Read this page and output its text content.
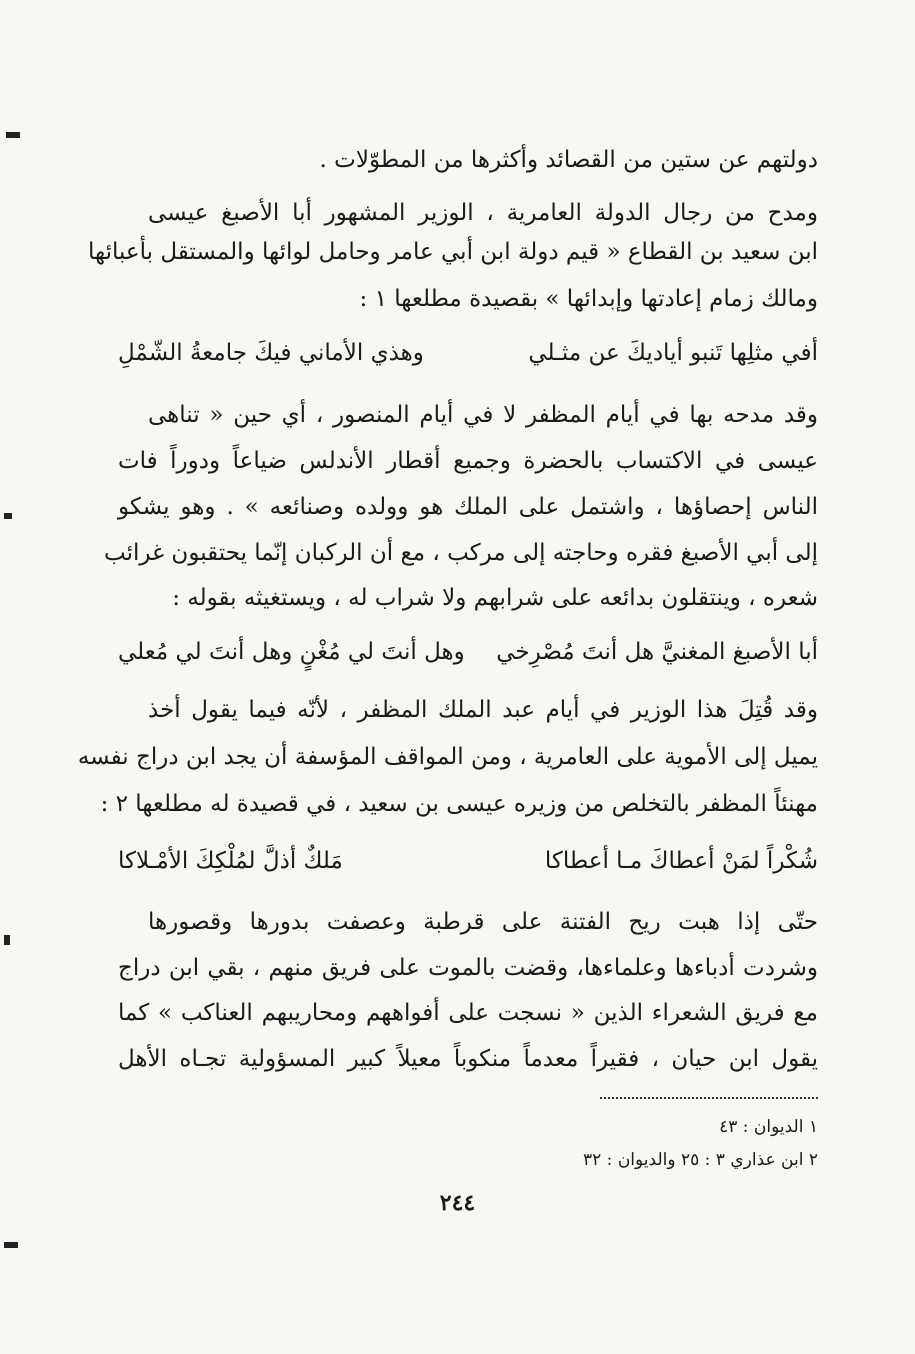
دولتهم عن ستين من القصائد وأكثرها من المطوّلات .
ومدح من رجال الدولة العامرية ، الوزير المشهور أبا الأصبغ عيسى
ابن سعيد بن القطاع « قيم دولة ابن أبي عامر وحامل لوائها والمستقل بأعبائها
ومالك زمام إعادتها وإبدائها » بقصيدة مطلعها ١ :
أفي مثلِها تَنبو أياديكَ عن مثـلي
وهذي الأماني فيكَ جامعةُ الشّمْلِ
وقد مدحه بها في أيام المظفر لا في أيام المنصور ، أي حين « تناهى
عيسى في الاكتساب بالحضرة وجميع أقطار الأندلس ضياعاً ودوراً فات
الناس إحصاؤها ، واشتمل على الملك هو وولده وصنائعه » . وهو يشكو
إلى أبي الأصبغ فقره وحاجته إلى مركب ، مع أن الركبان إنّما يحتقبون غرائب
شعره ، وينتقلون بدائعه على شرابهم ولا شراب له ، ويستغيثه بقوله :
أبا الأصبغ المغنيَّ هل أنتَ مُصْرِخي
وهل أنتَ لي مُغْنٍ وهل أنتَ لي مُعلي
وقد قُتِلَ هذا الوزير في أيام عبد الملك المظفر ، لأنّه فيما يقول أخذ
يميل إلى الأموية على العامرية ، ومن المواقف المؤسفة أن يجد ابن دراج نفسه
مهنئاً المظفر بالتخلص من وزيره عيسى بن سعيد ، في قصيدة له مطلعها ٢ :
شُكْراً لمَنْ أعطاكَ مـا أعطاكا
مَلكٌ أذلَّ لمُلْكِكَ الأمْـلاكا
حتّى إذا هبت ريح الفتنة على قرطبة وعصفت بدورها وقصورها
وشردت أدباءها وعلماءها، وقضت بالموت على فريق منهم ، بقي ابن دراج
مع فريق الشعراء الذين « نسجت على أفواههم ومحاريبهم العناكب » كما
يقول ابن حيان ، فقيراً معدماً منكوباً معيلاً كبير المسؤولية تجـاه الأهل
١ الديوان : ٤٣
٢ ابن عذاري ٣ : ٢٥ والديوان : ٣٢
٢٤٤
